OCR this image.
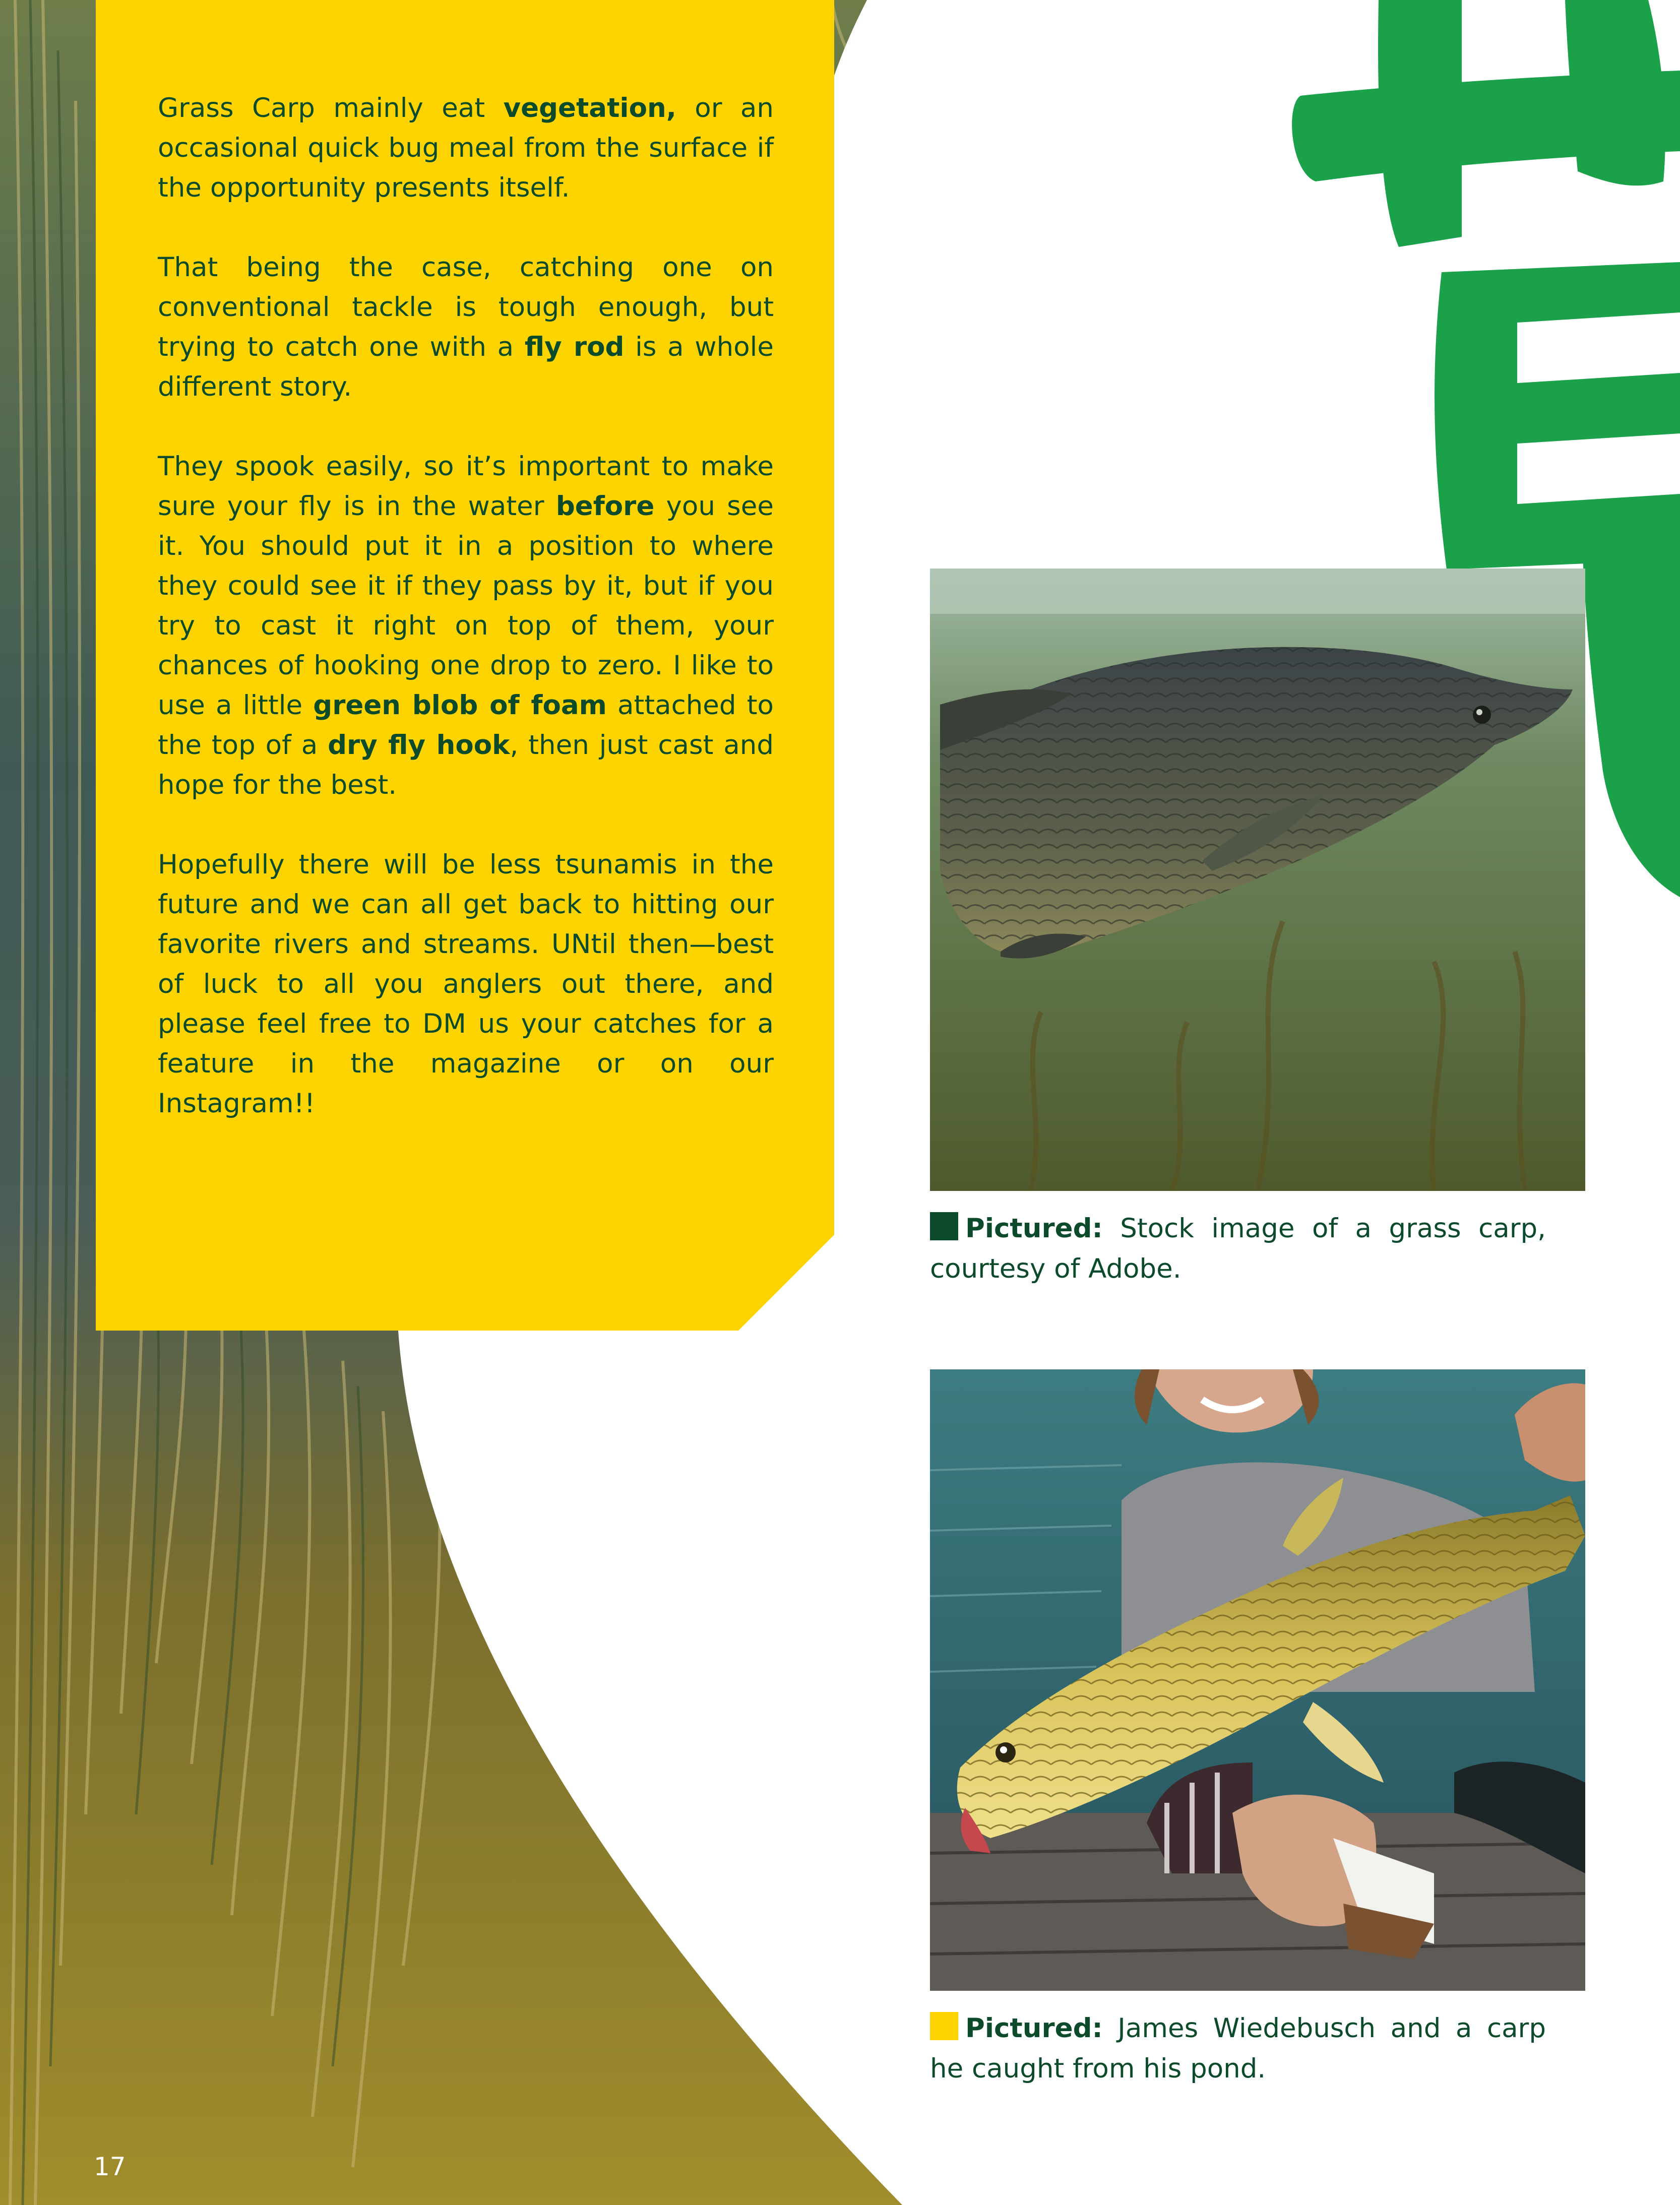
Grass Carp mainly eat vegetation, or an occasional quick bug meal from the surface if the opportunity presents itself.

That being the case, catching one on conventional tackle is tough enough, but trying to catch one with a fly rod is a whole different story.

They spook easily, so it’s important to make sure your fly is in the water before you see it. You should put it in a position to where they could see it if they pass by it, but if you try to cast it right on top of them, your chances of hooking one drop to zero. I like to use a little green blob of foam attached to the top of a dry fly hook, then just cast and hope for the best.

Hopefully there will be less tsunamis in the future and we can all get back to hitting our favorite rivers and streams. UNtil then—best of luck to all you anglers out there, and please feel free to DM us your catches for a feature in the magazine or on our Instagram!!

Pictured: Stock image of a grass carp, courtesy of Adobe.
Pictured: James Wiedebusch and a carp he caught from his pond.
17
